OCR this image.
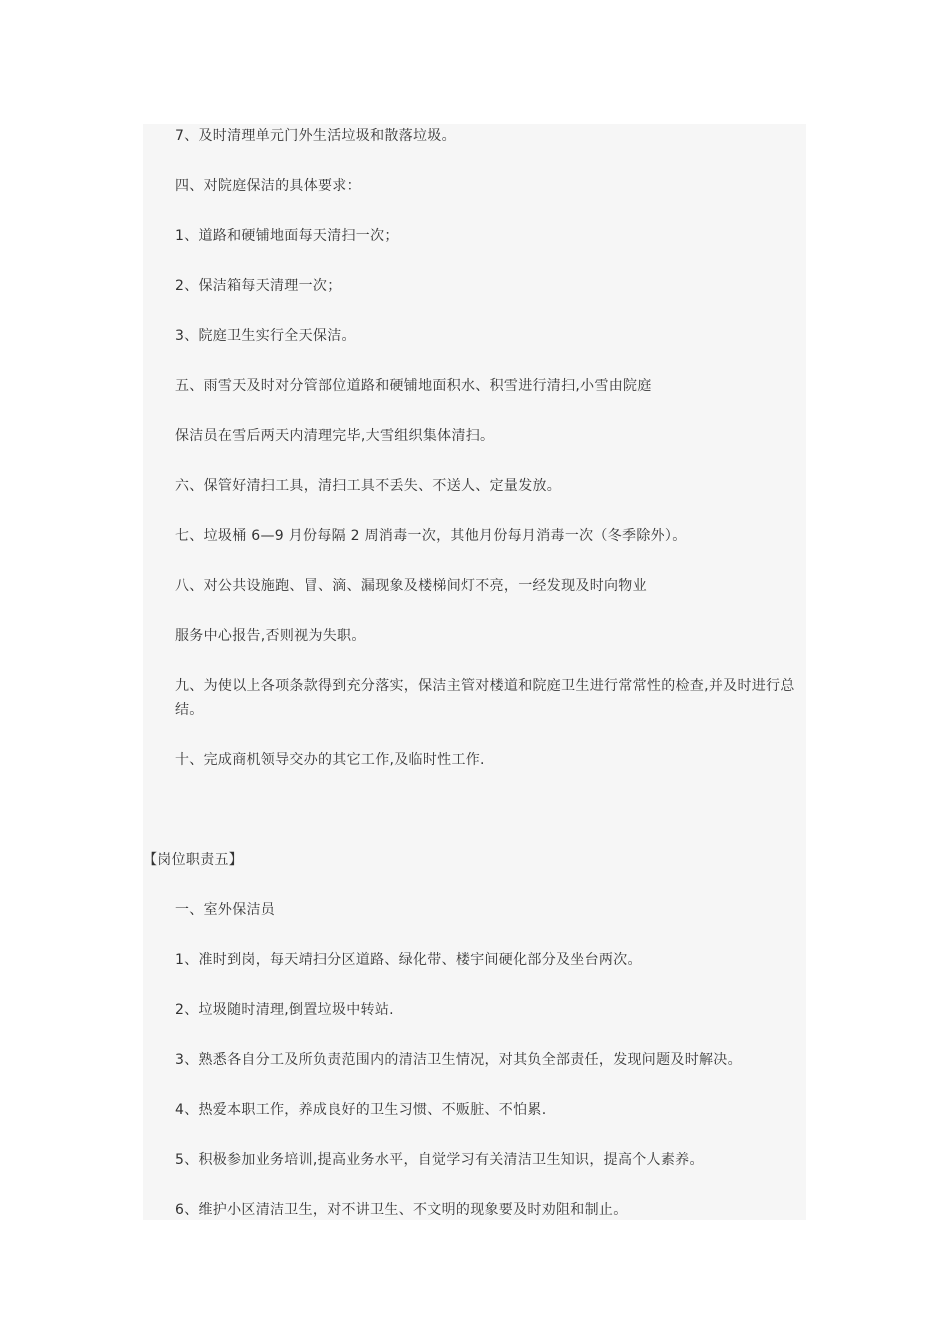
7、及时清理单元门外生活垃圾和散落垃圾。
四、对院庭保洁的具体要求：
1、道路和硬铺地面每天清扫一次；
2、保洁箱每天清理一次；
3、院庭卫生实行全天保洁。
五、雨雪天及时对分管部位道路和硬铺地面积水、积雪进行清扫,小雪由院庭
保洁员在雪后两天内清理完毕,大雪组织集体清扫。
六、保管好清扫工具，清扫工具不丢失、不送人、定量发放。
七、垃圾桶 6—9 月份每隔 2 周消毒一次，其他月份每月消毒一次（冬季除外）。
八、对公共设施跑、冒、滴、漏现象及楼梯间灯不亮，一经发现及时向物业
服务中心报告,否则视为失职。
九、为使以上各项条款得到充分落实，保洁主管对楼道和院庭卫生进行常常性的检查,并及时进行总结。
十、完成商机领导交办的其它工作,及临时性工作.
【岗位职责五】
一、室外保洁员
1、准时到岗，每天靖扫分区道路、绿化带、楼宇间硬化部分及坐台两次。
2、垃圾随时清理,倒置垃圾中转站.
3、熟悉各自分工及所负责范围内的清洁卫生情况，对其负全部责任，发现问题及时解决。
4、热爱本职工作，养成良好的卫生习惯、不贩脏、不怕累.
5、积极参加业务培训,提高业务水平，自觉学习有关清洁卫生知识，提高个人素养。
6、维护小区清洁卫生，对不讲卫生、不文明的现象要及时劝阻和制止。
